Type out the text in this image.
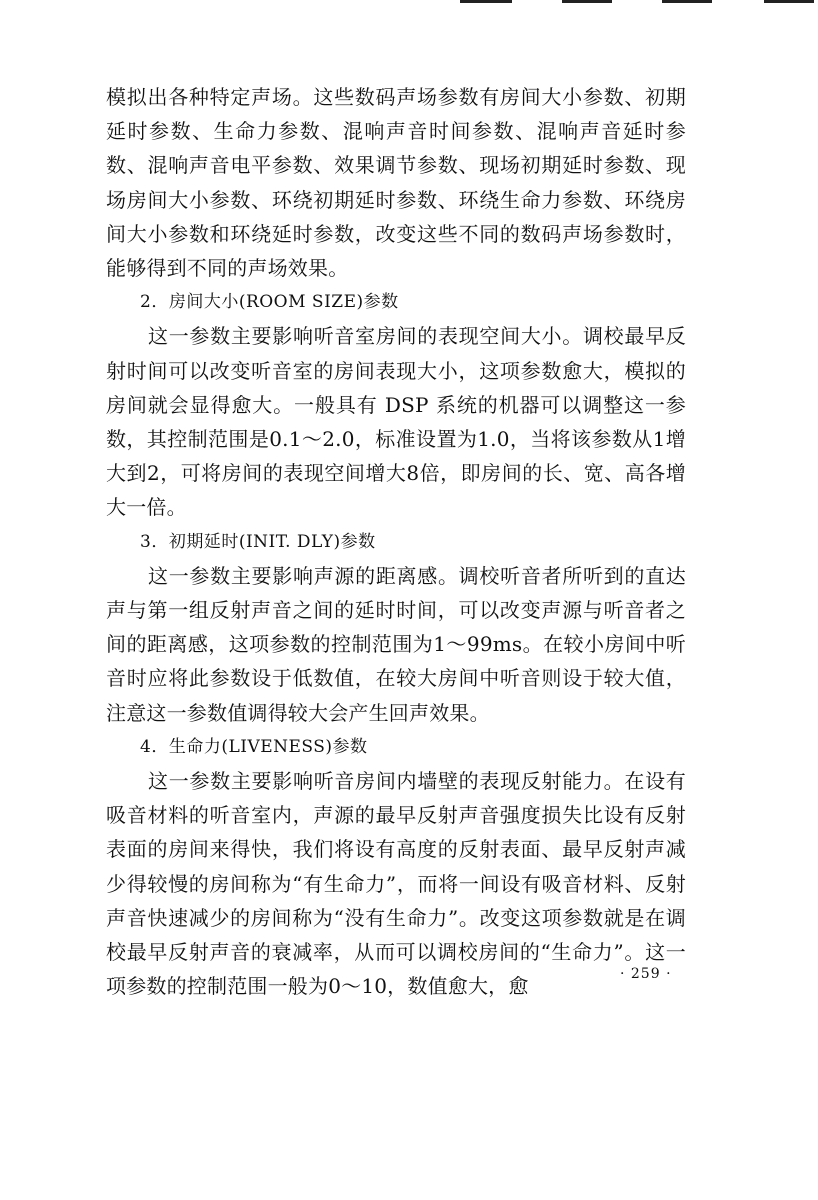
模拟出各种特定声场。这些数码声场参数有房间大小参数、初期延时参数、生命力参数、混响声音时间参数、混响声音延时参数、混响声音电平参数、效果调节参数、现场初期延时参数、现场房间大小参数、环绕初期延时参数、环绕生命力参数、环绕房间大小参数和环绕延时参数，改变这些不同的数码声场参数时，能够得到不同的声场效果。

2．房间大小(ROOM SIZE)参数

这一参数主要影响听音室房间的表现空间大小。调校最早反射时间可以改变听音室的房间表现大小，这项参数愈大，模拟的房间就会显得愈大。一般具有 DSP 系统的机器可以调整这一参数，其控制范围是0.1～2.0，标准设置为1.0，当将该参数从1增大到2，可将房间的表现空间增大8倍，即房间的长、宽、高各增大一倍。

3．初期延时(INIT. DLY)参数

这一参数主要影响声源的距离感。调校听音者所听到的直达声与第一组反射声音之间的延时时间，可以改变声源与听音者之间的距离感，这项参数的控制范围为1～99ms。在较小房间中听音时应将此参数设于低数值，在较大房间中听音则设于较大值，注意这一参数值调得较大会产生回声效果。

4．生命力(LIVENESS)参数

这一参数主要影响听音房间内墙壁的表现反射能力。在设有吸音材料的听音室内，声源的最早反射声音强度损失比设有反射表面的房间来得快，我们将设有高度的反射表面、最早反射声减少得较慢的房间称为“有生命力”，而将一间设有吸音材料、反射声音快速减少的房间称为“没有生命力”。改变这项参数就是在调校最早反射声音的衰减率，从而可以调校房间的“生命力”。这一项参数的控制范围一般为0～10，数值愈大，愈

· 259 ·
